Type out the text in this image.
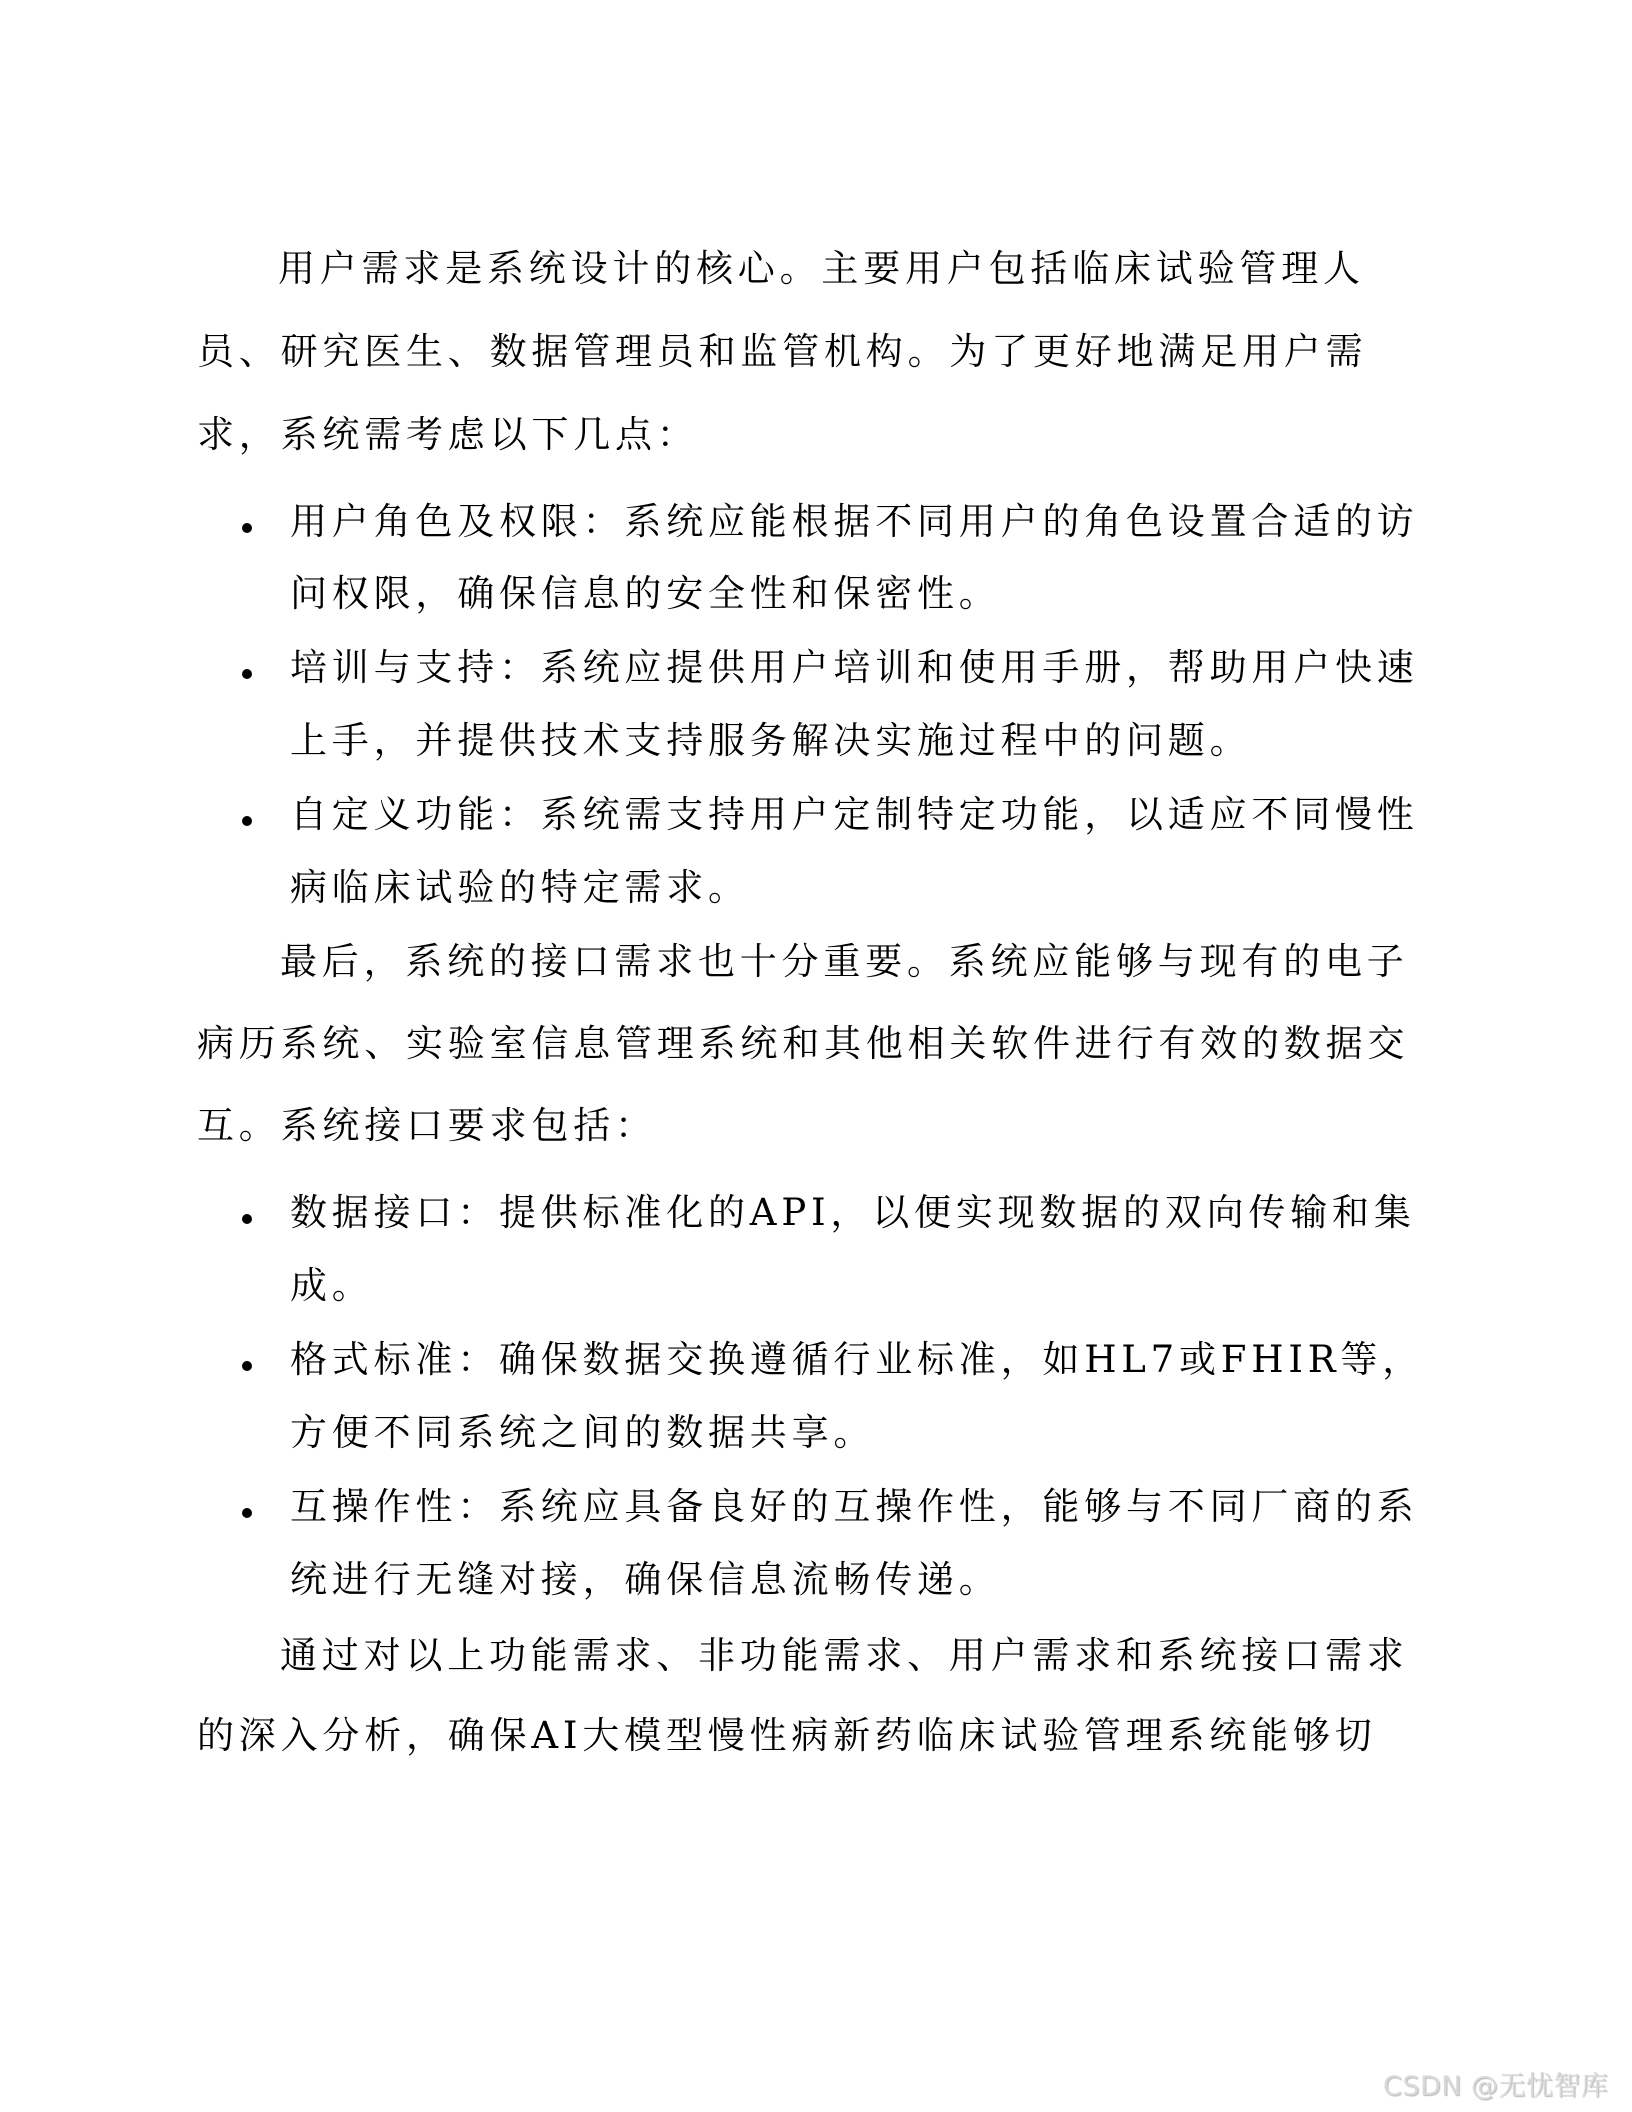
用户需求是系统设计的核心。主要用户包括临床试验管理人
员、研究医生、数据管理员和监管机构。为了更好地满足用户需
求，系统需考虑以下几点：
用户角色及权限：系统应能根据不同用户的角色设置合适的访
问权限，确保信息的安全性和保密性。
培训与支持：系统应提供用户培训和使用手册，帮助用户快速
上手，并提供技术支持服务解决实施过程中的问题。
自定义功能：系统需支持用户定制特定功能，以适应不同慢性
病临床试验的特定需求。
最后，系统的接口需求也十分重要。系统应能够与现有的电子
病历系统、实验室信息管理系统和其他相关软件进行有效的数据交
互。系统接口要求包括：
数据接口：提供标准化的API，以便实现数据的双向传输和集
成。
格式标准：确保数据交换遵循行业标准，如HL7或FHIR等，
方便不同系统之间的数据共享。
互操作性：系统应具备良好的互操作性，能够与不同厂商的系
统进行无缝对接，确保信息流畅传递。
通过对以上功能需求、非功能需求、用户需求和系统接口需求
的深入分析，确保AI大模型慢性病新药临床试验管理系统能够切
CSDN @无忧智库
